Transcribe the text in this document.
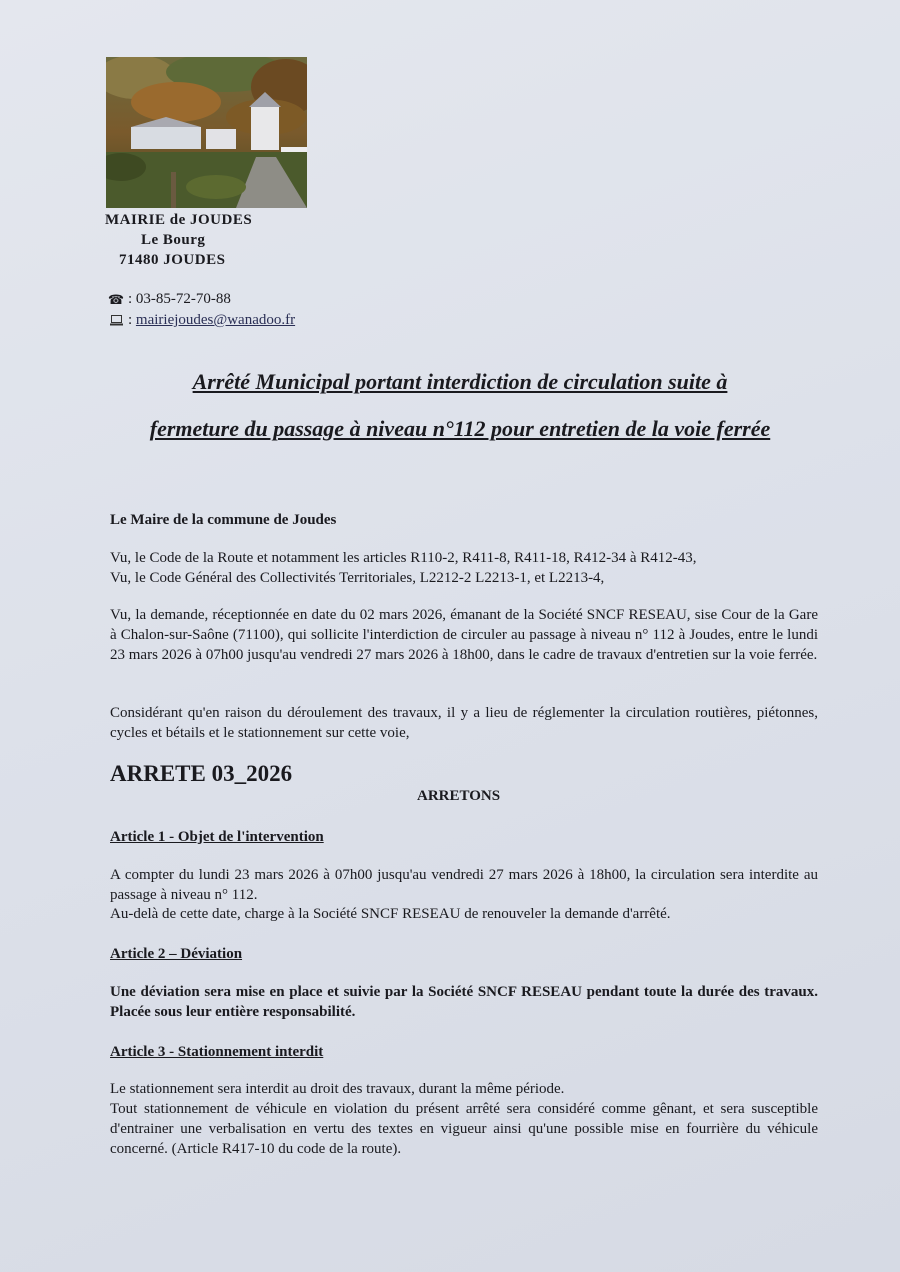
MAIRIE de JOUDES
Le Bourg
71480 JOUDES
☎ : 03-85-72-70-88
:
mairiejoudes@wanadoo.fr
Arrêté Municipal portant interdiction de circulation suite à
fermeture du passage à niveau n°112 pour entretien de la voie ferrée
Le Maire de la commune de Joudes
Vu, le Code de la Route et notamment les articles R110-2, R411-8, R411-18, R412-34 à R412-43,
Vu, le Code Général des Collectivités Territoriales, L2212-2 L2213-1, et L2213-4,
Vu, la demande, réceptionnée en date du 02 mars 2026, émanant de la Société SNCF RESEAU, sise Cour de la Gare à Chalon-sur-Saône (71100), qui sollicite l'interdiction de circuler au passage à niveau n° 112 à Joudes, entre le lundi 23 mars 2026 à 07h00 jusqu'au vendredi 27 mars 2026 à 18h00, dans le cadre de travaux d'entretien sur la voie ferrée.
Considérant qu'en raison du déroulement des travaux, il y a lieu de réglementer la circulation routières, piétonnes, cycles et bétails et le stationnement sur cette voie,
ARRETE 03_2026
ARRETONS
Article 1 - Objet de l'intervention
A compter du lundi 23 mars 2026 à 07h00 jusqu'au vendredi 27 mars 2026 à 18h00, la circulation sera interdite au passage à niveau n° 112.
Au-delà de cette date, charge à la Société SNCF RESEAU de renouveler la demande d'arrêté.
Article 2 – Déviation
Une déviation sera mise en place et suivie par la Société SNCF RESEAU pendant toute la durée des travaux. Placée sous leur entière responsabilité.
Article 3 - Stationnement interdit
Le stationnement sera interdit au droit des travaux, durant la même période.
Tout stationnement de véhicule en violation du présent arrêté sera considéré comme gênant, et sera susceptible d'entrainer une verbalisation en vertu des textes en vigueur ainsi qu'une possible mise en fourrière du véhicule concerné. (Article R417-10 du code de la route).
